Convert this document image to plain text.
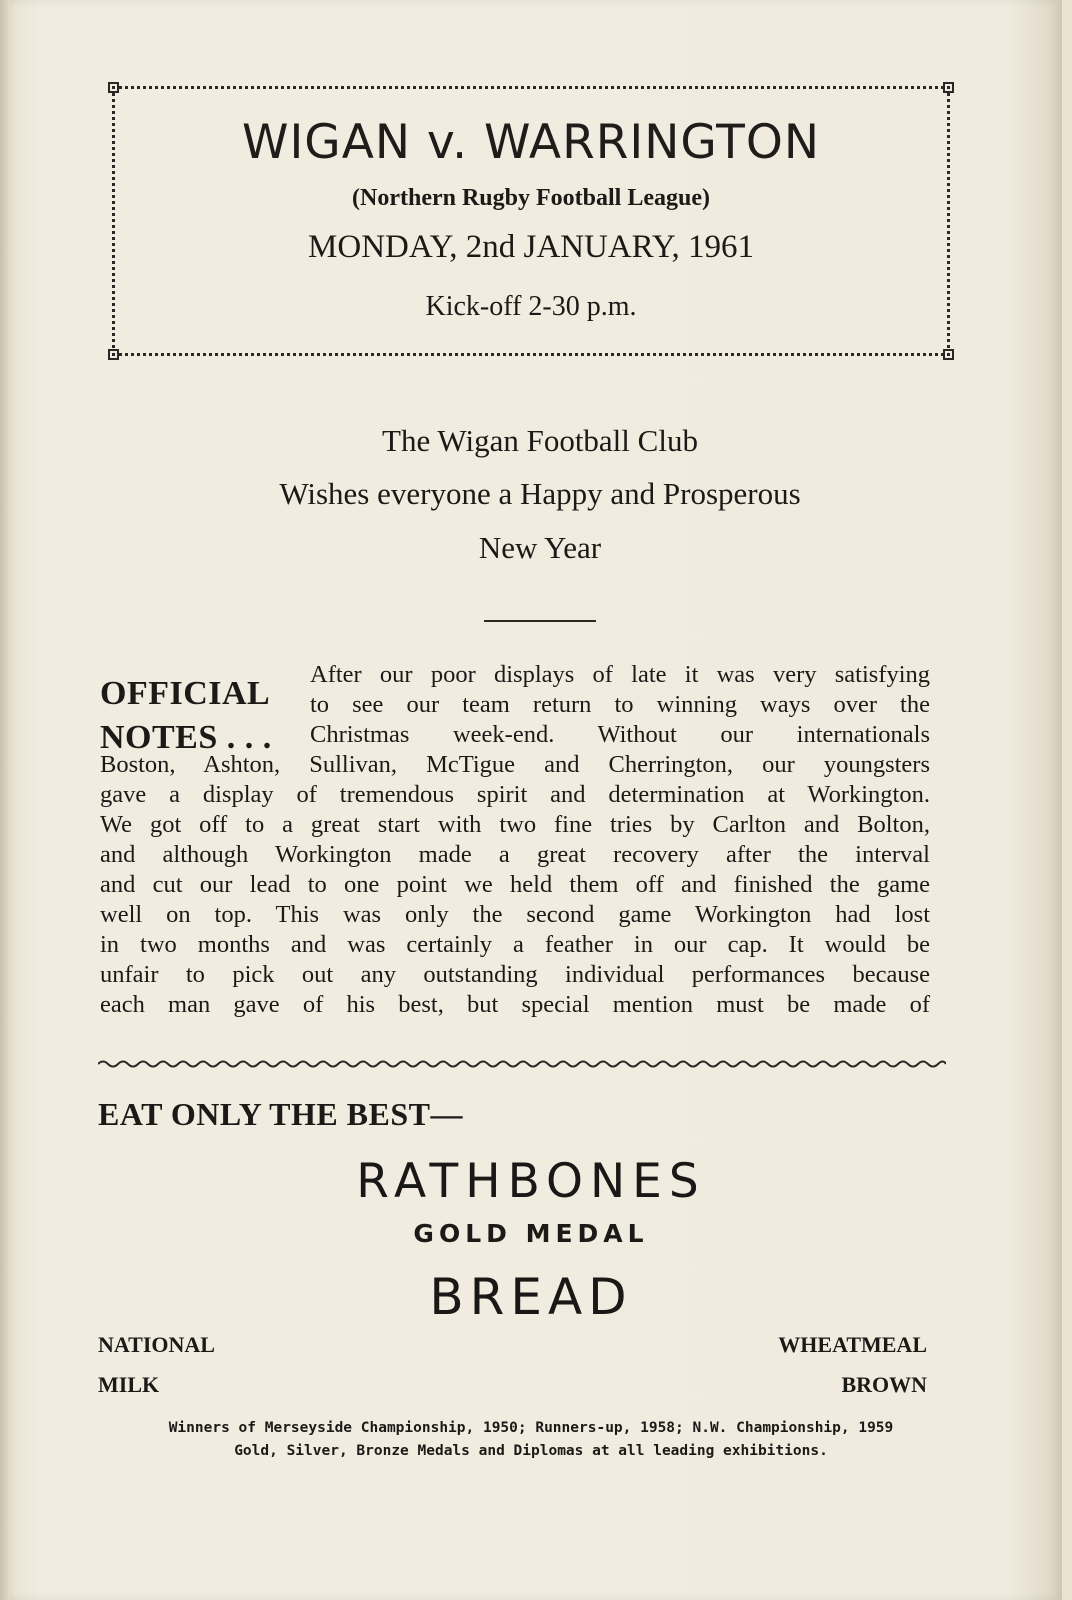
WIGAN v. WARRINGTON
(Northern Rugby Football League)
MONDAY, 2nd JANUARY, 1961
Kick-off 2-30 p.m.
The Wigan Football Club
Wishes everyone a Happy and Prosperous
New Year
OFFICIAL
NOTES . . .
After our poor displays of late it was very satisfying
to see our team return to winning ways over the
Christmas week-end. Without our internationals
Boston, Ashton, Sullivan, McTigue and Cherrington, our youngsters
gave a display of tremendous spirit and determination at Workington.
We got off to a great start with two fine tries by Carlton and Bolton,
and although Workington made a great recovery after the interval
and cut our lead to one point we held them off and finished the game
well on top. This was only the second game Workington had lost
in two months and was certainly a feather in our cap. It would be
unfair to pick out any outstanding individual performances because
each man gave of his best, but special mention must be made of
EAT ONLY THE BEST—
RATHBONES
GOLD MEDAL
BREAD
NATIONAL
MILK
WHEATMEAL
BROWN
Winners of Merseyside Championship, 1950; Runners-up, 1958; N.W. Championship, 1959
Gold, Silver, Bronze Medals and Diplomas at all leading exhibitions.
